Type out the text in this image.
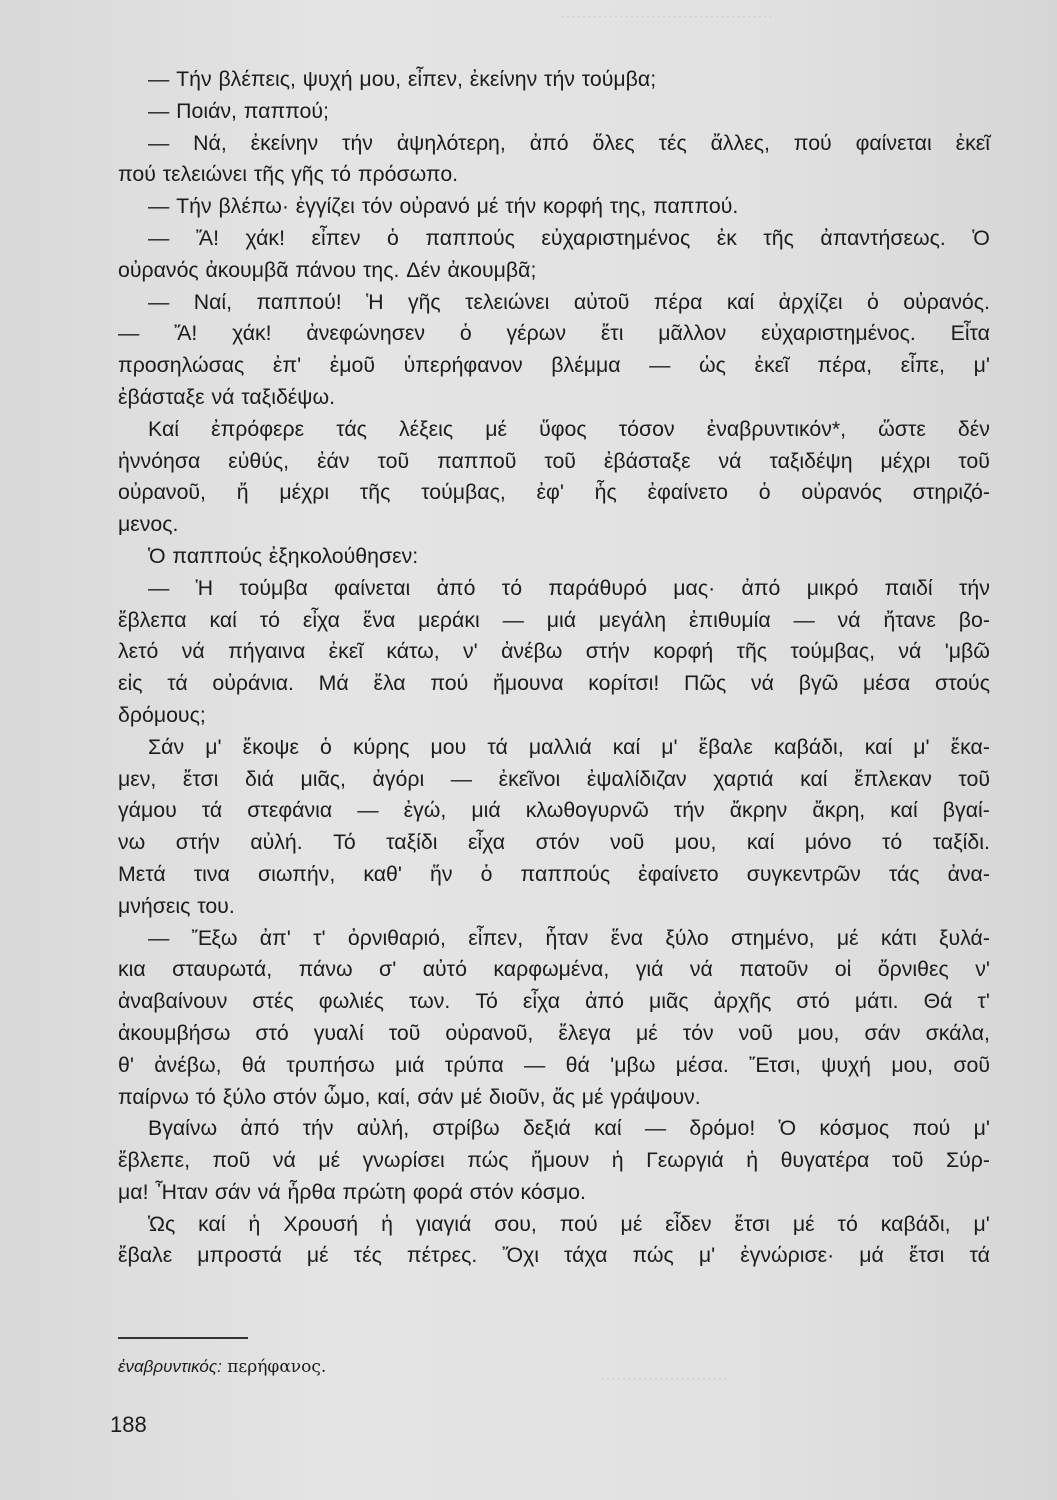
········································
························
— Τήν βλέπεις, ψυχή μου, εἶπεν, ἐκείνην τήν τούμβα;
— Ποιάν, παππού;
— Νά, ἐκείνην τήν ἀψηλότερη, ἀπό ὅλες τές ἄλλες, πού φαίνεται ἐκεῖ
πού τελειώνει τῆς γῆς τό πρόσωπο.
— Τήν βλέπω· ἐγγίζει τόν οὐρανό μέ τήν κορφή της, παππού.
— Ἄ! χάκ! εἶπεν ὁ παππούς εὐχαριστημένος ἐκ τῆς ἀπαντήσεως. Ὁ
οὐρανός ἀκουμβᾶ πάνου της. Δέν ἀκουμβᾶ;
— Ναί, παππού! Ἡ γῆς τελειώνει αὐτοῦ πέρα καί ἀρχίζει ὁ οὐρανός.
— Ἄ! χάκ! ἀνεφώνησεν ὁ γέρων ἔτι μᾶλλον εὐχαριστημένος. Εἶτα
προσηλώσας ἐπ' ἐμοῦ ὑπερήφανον βλέμμα — ὡς ἐκεῖ πέρα, εἶπε, μ'
ἐβάσταξε νά ταξιδέψω.
Καί ἐπρόφερε τάς λέξεις μέ ὕφος τόσον ἐναβρυντικόν*, ὥστε δέν
ἠννόησα εὐθύς, ἐάν τοῦ παπποῦ τοῦ ἐβάσταξε νά ταξιδέψη μέχρι τοῦ
οὐρανοῦ, ἤ μέχρι τῆς τούμβας, ἐφ' ἧς ἐφαίνετο ὁ οὐρανός στηριζό-
μενος.
Ὁ παππούς ἐξηκολούθησεν:
— Ἡ τούμβα φαίνεται ἀπό τό παράθυρό μας· ἀπό μικρό παιδί τήν
ἔβλεπα καί τό εἶχα ἕνα μεράκι — μιά μεγάλη ἐπιθυμία — νά ἤτανε βο-
λετό νά πήγαινα ἐκεῖ κάτω, ν' ἀνέβω στήν κορφή τῆς τούμβας, νά 'μβῶ
εἰς τά οὐράνια. Μά ἔλα πού ἤμουνα κορίτσι! Πῶς νά βγῶ μέσα στούς
δρόμους;
Σάν μ' ἔκοψε ὁ κύρης μου τά μαλλιά καί μ' ἔβαλε καβάδι, καί μ' ἔκα-
μεν, ἔτσι διά μιᾶς, ἀγόρι — ἐκεῖνοι ἐψαλίδιζαν χαρτιά καί ἔπλεκαν τοῦ
γάμου τά στεφάνια — ἐγώ, μιά κλωθογυρνῶ τήν ἄκρην ἄκρη, καί βγαί-
νω στήν αὐλή. Τό ταξίδι εἶχα στόν νοῦ μου, καί μόνο τό ταξίδι.
Μετά τινα σιωπήν, καθ' ἥν ὁ παππούς ἐφαίνετο συγκεντρῶν τάς ἀνα-
μνήσεις του.
— Ἔξω ἀπ' τ' ὀρνιθαριό, εἶπεν, ἦταν ἕνα ξύλο στημένο, μέ κάτι ξυλά-
κια σταυρωτά, πάνω σ' αὐτό καρφωμένα, γιά νά πατοῦν οἱ ὄρνιθες ν'
ἀναβαίνουν στές φωλιές των. Τό εἶχα ἀπό μιᾶς ἀρχῆς στό μάτι. Θά τ'
ἀκουμβήσω στό γυαλί τοῦ οὐρανοῦ, ἔλεγα μέ τόν νοῦ μου, σάν σκάλα,
θ' ἀνέβω, θά τρυπήσω μιά τρύπα — θά 'μβω μέσα. Ἔτσι, ψυχή μου, σοῦ
παίρνω τό ξύλο στόν ὦμο, καί, σάν μέ διοῦν, ἄς μέ γράψουν.
Βγαίνω ἀπό τήν αὐλή, στρίβω δεξιά καί — δρόμο! Ὁ κόσμος πού μ'
ἔβλεπε, ποῦ νά μέ γνωρίσει πώς ἤμουν ἡ Γεωργιά ἡ θυγατέρα τοῦ Σύρ-
μα! Ἦταν σάν νά ἦρθα πρώτη φορά στόν κόσμο.
Ὡς καί ἡ Χρουσή ἡ γιαγιά σου, πού μέ εἶδεν ἔτσι μέ τό καβάδι, μ'
ἔβαλε μπροστά μέ τές πέτρες. Ὄχι τάχα πώς μ' ἐγνώρισε· μά ἔτσι τά
ἐναβρυντικός: περήφανος.
188
